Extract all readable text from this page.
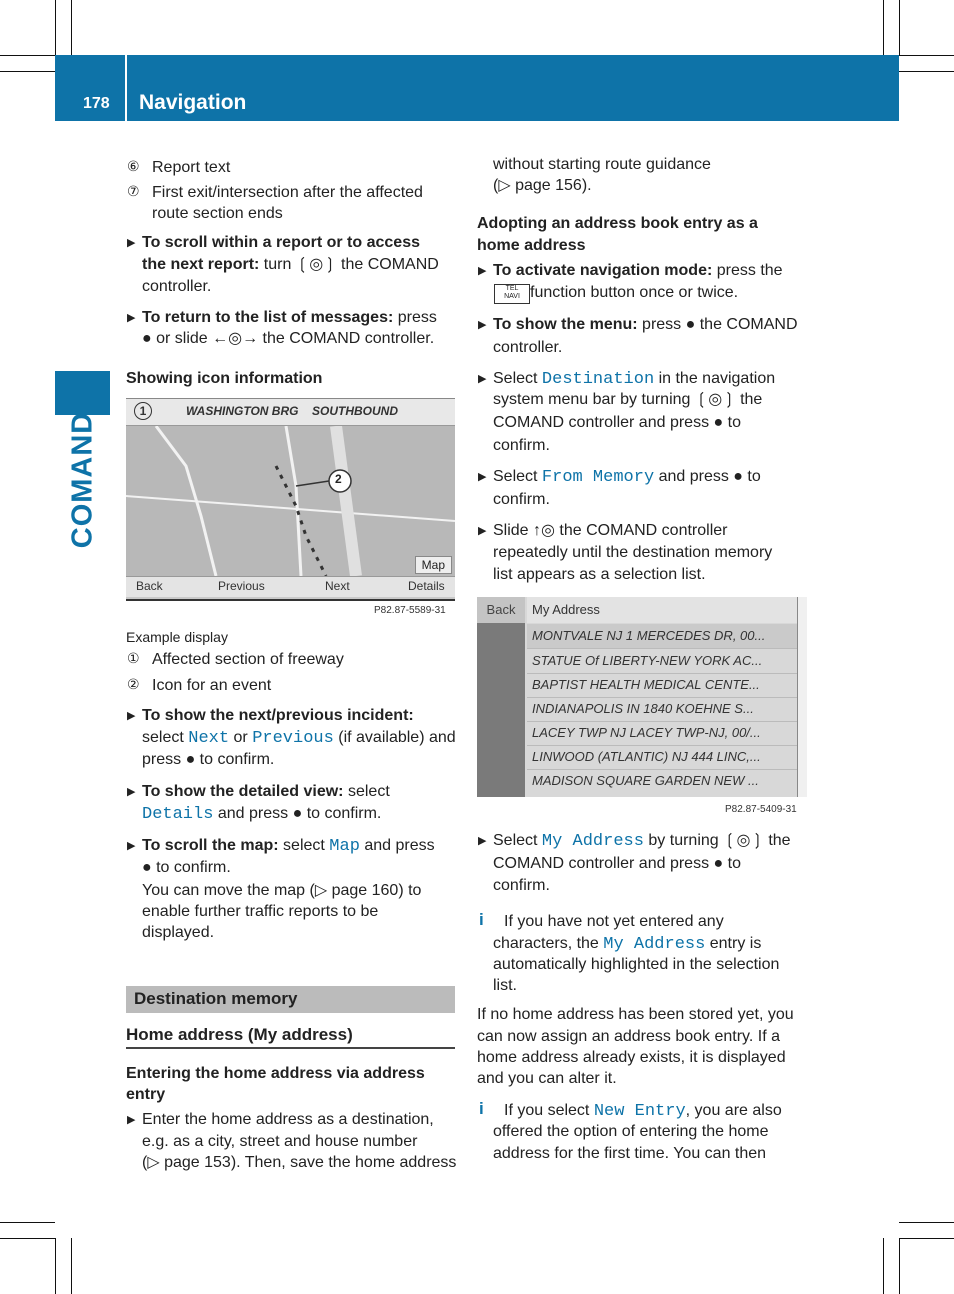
178 Navigation
COMAND
⑥ Report text
⑦ First exit/intersection after the affected
route section ends
▶ To scroll within a report or to access
the next report: turn ❲◎❳ the COMAND
controller.
▶ To return to the list of messages: press
● or slide ←◎→ the COMAND controller.
Showing icon information
1	WASHINGTON BRG SOUTHBOUND
2
Map
Back	Previous	Next	Details
P82.87-5589-31
Example display
① Affected section of freeway
② Icon for an event
▶ To show the next/previous incident:
select Next or Previous (if available) and
press ● to confirm.
▶ To show the detailed view: select
Details and press ● to confirm.
▶ To scroll the map: select Map and press
● to confirm.
You can move the map (▷ page 160) to
enable further traffic reports to be
displayed.
Destination memory
Home address (My address)
Entering the home address via address
entry
▶ Enter the home address as a destination,
e.g. as a city, street and house number
(▷ page 153). Then, save the home address
without starting route guidance
(▷ page 156).
Adopting an address book entry as a
home address
▶ To activate navigation mode: press the
TEL
NAVI function button once or twice.
▶ To show the menu: press ● the COMAND
controller.
▶ Select Destination in the navigation
system menu bar by turning ❲◎❳ the
COMAND controller and press ● to
confirm.
▶ Select From Memory and press ● to
confirm.
▶ Slide ↑◎ the COMAND controller
repeatedly until the destination memory
list appears as a selection list.
Back	My Address
MONTVALE NJ 1 MERCEDES DR, 00...
STATUE Of LIBERTY-NEW YORK AC...
BAPTIST HEALTH MEDICAL CENTE...
INDIANAPOLIS IN 1840 KOEHNE S...
LACEY TWP NJ LACEY TWP-NJ, 00/...
LINWOOD (ATLANTIC) NJ 444 LINC,...
MADISON SQUARE GARDEN NEW ...
P82.87-5409-31
▶ Select My Address by turning ❲◎❳ the
COMAND controller and press ● to
confirm.
i If you have not yet entered any
characters, the My Address entry is
automatically highlighted in the selection
list.
If no home address has been stored yet, you
can now assign an address book entry. If a
home address already exists, it is displayed
and you can alter it.
i If you select New Entry, you are also
offered the option of entering the home
address for the first time. You can then
